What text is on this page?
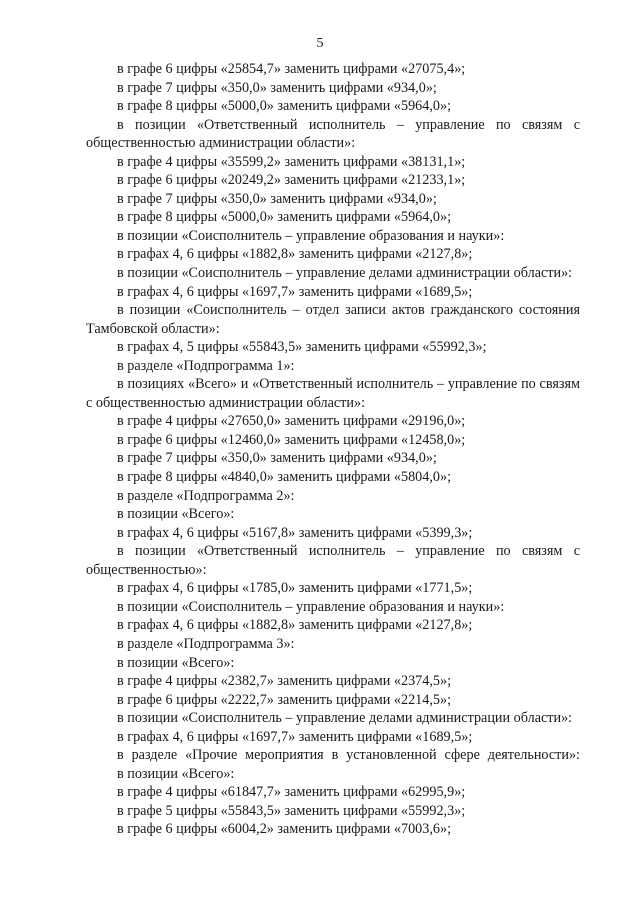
5

в графе 6 цифры «25854,7» заменить цифрами «27075,4»;

в графе 7 цифры «350,0» заменить цифрами «934,0»;

в графе 8 цифры «5000,0» заменить цифрами «5964,0»;

в позиции «Ответственный исполнитель – управление по связям с общественностью администрации области»:

в графе 4 цифры «35599,2» заменить цифрами «38131,1»;

в графе 6 цифры «20249,2» заменить цифрами «21233,1»;

в графе 7 цифры «350,0» заменить цифрами «934,0»;

в графе 8 цифры «5000,0» заменить цифрами «5964,0»;

в позиции «Соисполнитель – управление образования и науки»:

в графах 4, 6 цифры «1882,8» заменить цифрами «2127,8»;

в позиции «Соисполнитель – управление делами администрации области»:

в графах 4, 6 цифры «1697,7» заменить цифрами «1689,5»;

в позиции «Соисполнитель – отдел записи актов гражданского состояния Тамбовской области»:

в графах 4, 5 цифры «55843,5» заменить цифрами «55992,3»;

в разделе «Подпрограмма 1»:

в позициях «Всего» и «Ответственный исполнитель – управление по связям с общественностью администрации области»:

в графе 4 цифры «27650,0» заменить цифрами «29196,0»;

в графе 6 цифры «12460,0» заменить цифрами «12458,0»;

в графе 7 цифры «350,0» заменить цифрами «934,0»;

в графе 8 цифры «4840,0» заменить цифрами «5804,0»;

в разделе «Подпрограмма 2»:

в позиции «Всего»:

в графах 4, 6 цифры «5167,8» заменить цифрами «5399,3»;

в позиции «Ответственный исполнитель – управление по связям с общественностью»:

в графах 4, 6 цифры «1785,0» заменить цифрами «1771,5»;

в позиции «Соисполнитель – управление образования и науки»:

в графах 4, 6 цифры «1882,8» заменить цифрами «2127,8»;

в разделе «Подпрограмма 3»:

в позиции «Всего»:

в графе 4 цифры «2382,7» заменить цифрами «2374,5»;

в графе 6 цифры «2222,7» заменить цифрами «2214,5»;

в позиции «Соисполнитель – управление делами администрации области»:

в графах 4, 6 цифры «1697,7» заменить цифрами «1689,5»;

в разделе «Прочие мероприятия в установленной сфере деятельности»:

в позиции «Всего»:

в графе 4 цифры «61847,7» заменить цифрами «62995,9»;

в графе 5 цифры «55843,5» заменить цифрами «55992,3»;

в графе 6 цифры «6004,2» заменить цифрами «7003,6»;
